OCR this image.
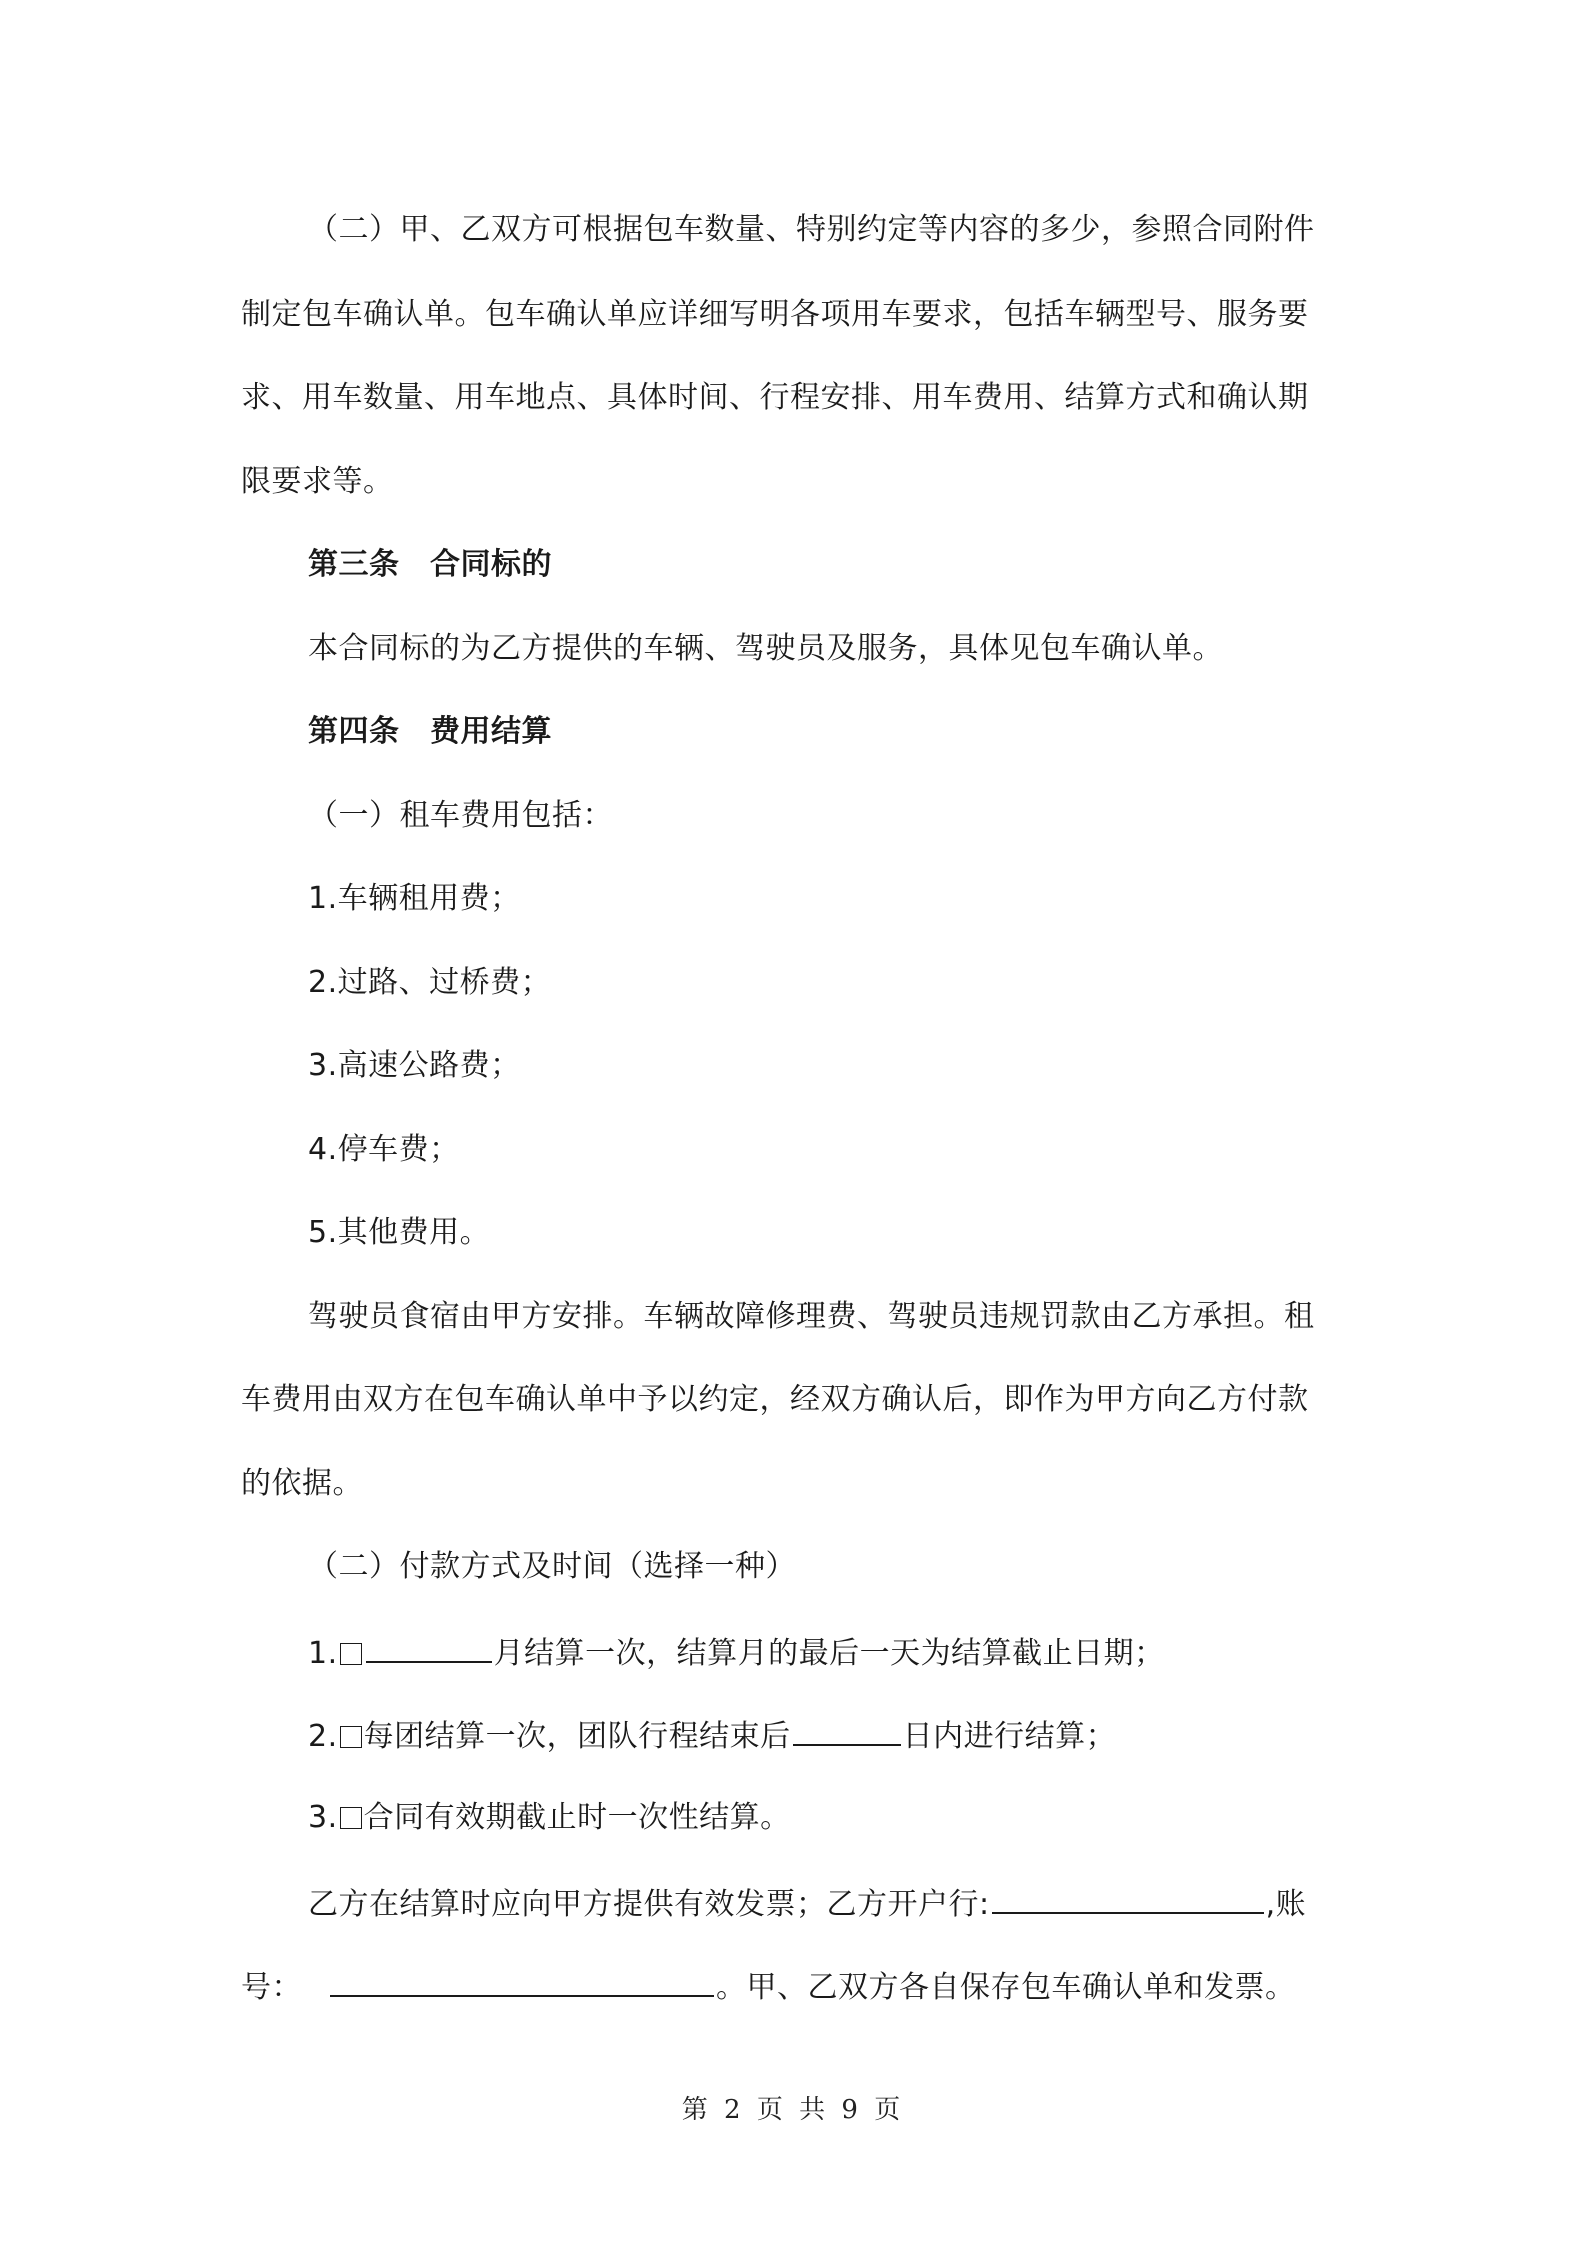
（二）甲、乙双方可根据包车数量、特别约定等内容的多少，参照合同附件
制定包车确认单。包车确认单应详细写明各项用车要求，包括车辆型号、服务要
求、用车数量、用车地点、具体时间、行程安排、用车费用、结算方式和确认期
限要求等。
第三条　合同标的
本合同标的为乙方提供的车辆、驾驶员及服务，具体见包车确认单。
第四条　费用结算
（一）租车费用包括：
1.车辆租用费；
2.过路、过桥费；
3.高速公路费；
4.停车费；
5.其他费用。
驾驶员食宿由甲方安排。车辆故障修理费、驾驶员违规罚款由乙方承担。租
车费用由双方在包车确认单中予以约定，经双方确认后，即作为甲方向乙方付款
的依据。
（二）付款方式及时间（选择一种）
1.	月结算一次，结算月的最后一天为结算截止日期；
2. 每团结算一次，团队行程结束后	日内进行结算；
3. 合同有效期截止时一次性结算。
乙方在结算时应向甲方提供有效发票；乙方开户行:	,账
号：	。甲、乙双方各自保存包车确认单和发票。
第 2 页 共 9 页
